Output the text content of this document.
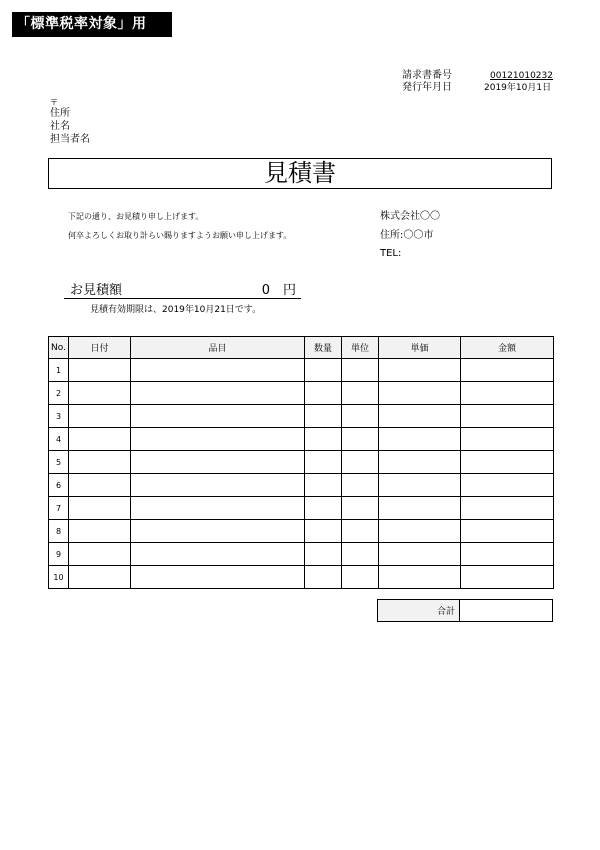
「標準税率対象」用
請求書番号	00121010232
発行年月日	2019年10月1日
〒
住所
社名
担当者名
見積書
下記の通り、お見積り申し上げます。
何卒よろしくお取り計らい賜りますようお願い申し上げます。
株式会社〇〇
住所:〇〇市
TEL:
お見積額	0 円
見積有効期限は、2019年10月21日です。
No.	日付	品目	数量	単位	単価	金額
1						
2						
3						
4						
5						
6						
7						
8						
9						
10						
合計	
